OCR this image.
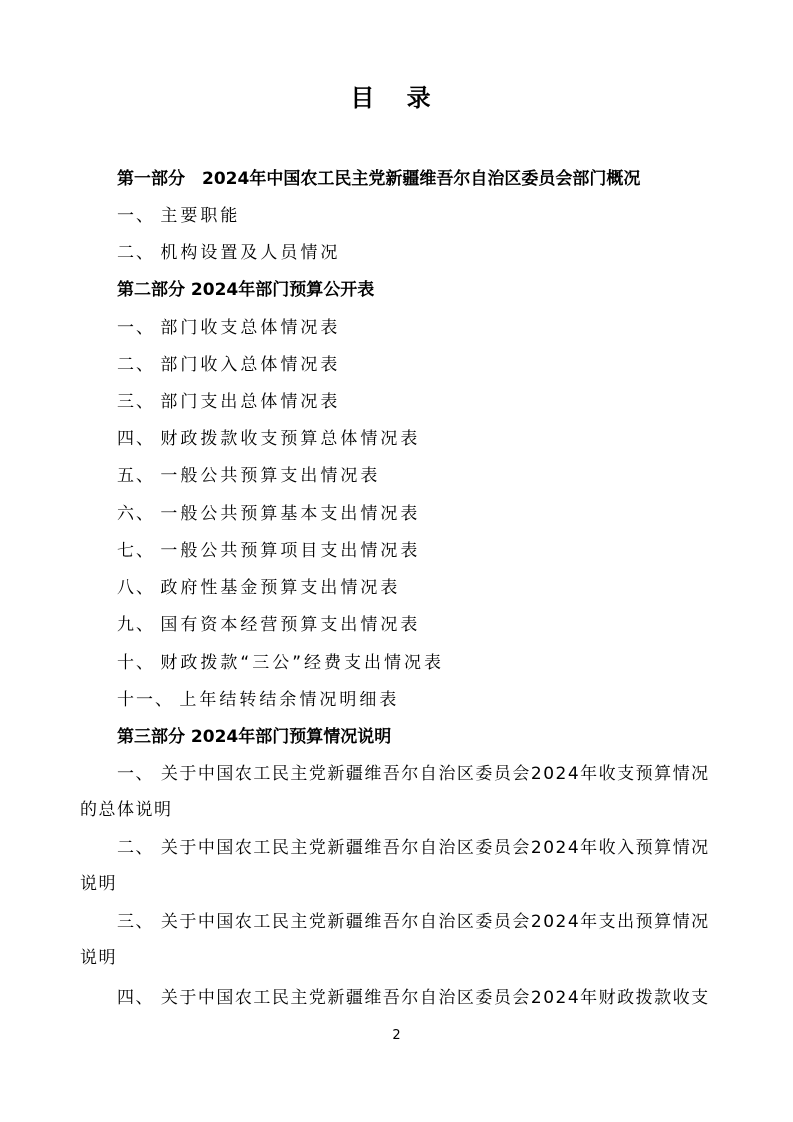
目 录
第一部分　2024年中国农工民主党新疆维吾尔自治区委员会部门概况
一、 主要职能
二、 机构设置及人员情况
第二部分 2024年部门预算公开表
一、 部门收支总体情况表
二、 部门收入总体情况表
三、 部门支出总体情况表
四、 财政拨款收支预算总体情况表
五、 一般公共预算支出情况表
六、 一般公共预算基本支出情况表
七、 一般公共预算项目支出情况表
八、 政府性基金预算支出情况表
九、 国有资本经营预算支出情况表
十、 财政拨款“三公”经费支出情况表
十一、 上年结转结余情况明细表
第三部分 2024年部门预算情况说明
一、 关于中国农工民主党新疆维吾尔自治区委员会2024年收支预算情况的总体说明
二、 关于中国农工民主党新疆维吾尔自治区委员会2024年收入预算情况说明
三、 关于中国农工民主党新疆维吾尔自治区委员会2024年支出预算情况说明
四、 关于中国农工民主党新疆维吾尔自治区委员会2024年财政拨款收支
2
